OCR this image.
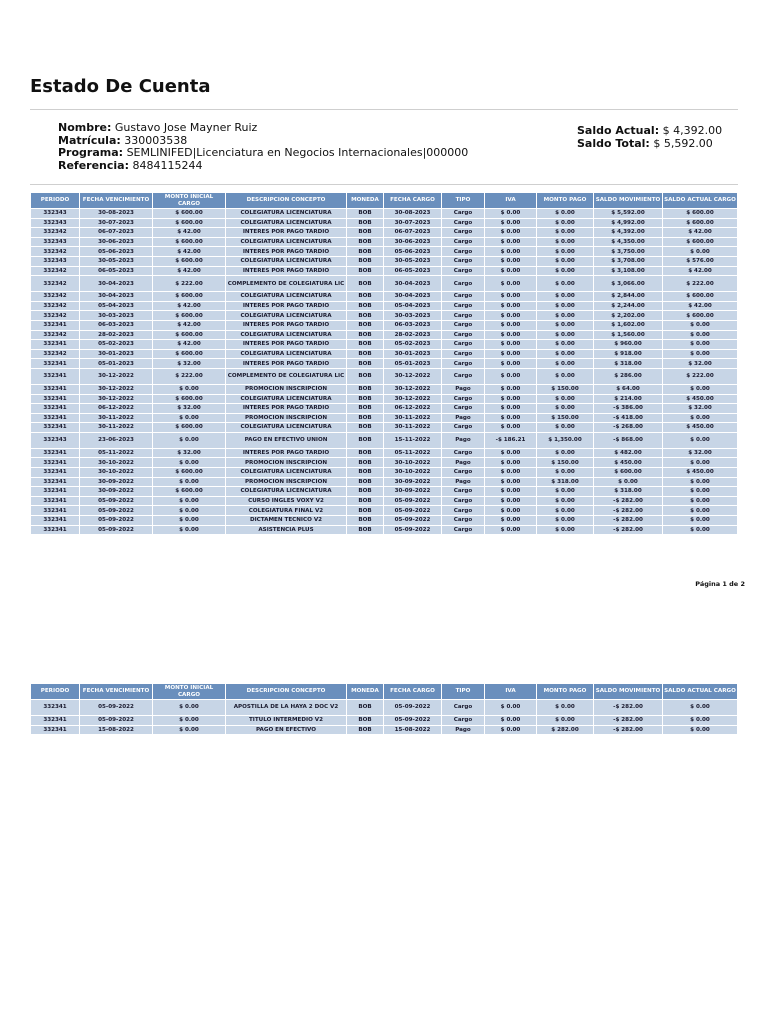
Estado De Cuenta
Nombre: Gustavo Jose Mayner Ruiz
Matrícula: 330003538
Programa: SEMLINIFED|Licenciatura en Negocios Internacionales|000000
Referencia: 8484115244
Saldo Actual: $ 4,392.00
Saldo Total: $ 5,592.00
PERIODO	FECHA VENCIMIENTO	MONTO INICIAL CARGO	DESCRIPCION CONCEPTO	MONEDA	FECHA CARGO	TIPO	IVA	MONTO PAGO	SALDO MOVIMIENTO	SALDO ACTUAL CARGO
332343	30-08-2023	$ 600.00	COLEGIATURA LICENCIATURA	BOB	30-08-2023	Cargo	$ 0.00	$ 0.00	$ 5,592.00	$ 600.00
332343	30-07-2023	$ 600.00	COLEGIATURA LICENCIATURA	BOB	30-07-2023	Cargo	$ 0.00	$ 0.00	$ 4,992.00	$ 600.00
332342	06-07-2023	$ 42.00	INTERES POR PAGO TARDIO	BOB	06-07-2023	Cargo	$ 0.00	$ 0.00	$ 4,392.00	$ 42.00
332343	30-06-2023	$ 600.00	COLEGIATURA LICENCIATURA	BOB	30-06-2023	Cargo	$ 0.00	$ 0.00	$ 4,350.00	$ 600.00
332342	05-06-2023	$ 42.00	INTERES POR PAGO TARDIO	BOB	05-06-2023	Cargo	$ 0.00	$ 0.00	$ 3,750.00	$ 0.00
332343	30-05-2023	$ 600.00	COLEGIATURA LICENCIATURA	BOB	30-05-2023	Cargo	$ 0.00	$ 0.00	$ 3,708.00	$ 576.00
332342	06-05-2023	$ 42.00	INTERES POR PAGO TARDIO	BOB	06-05-2023	Cargo	$ 0.00	$ 0.00	$ 3,108.00	$ 42.00
332342	30-04-2023	$ 222.00	COMPLEMENTO DE COLEGIATURA LIC	BOB	30-04-2023	Cargo	$ 0.00	$ 0.00	$ 3,066.00	$ 222.00
332342	30-04-2023	$ 600.00	COLEGIATURA LICENCIATURA	BOB	30-04-2023	Cargo	$ 0.00	$ 0.00	$ 2,844.00	$ 600.00
332342	05-04-2023	$ 42.00	INTERES POR PAGO TARDIO	BOB	05-04-2023	Cargo	$ 0.00	$ 0.00	$ 2,244.00	$ 42.00
332342	30-03-2023	$ 600.00	COLEGIATURA LICENCIATURA	BOB	30-03-2023	Cargo	$ 0.00	$ 0.00	$ 2,202.00	$ 600.00
332341	06-03-2023	$ 42.00	INTERES POR PAGO TARDIO	BOB	06-03-2023	Cargo	$ 0.00	$ 0.00	$ 1,602.00	$ 0.00
332342	28-02-2023	$ 600.00	COLEGIATURA LICENCIATURA	BOB	28-02-2023	Cargo	$ 0.00	$ 0.00	$ 1,560.00	$ 0.00
332341	05-02-2023	$ 42.00	INTERES POR PAGO TARDIO	BOB	05-02-2023	Cargo	$ 0.00	$ 0.00	$ 960.00	$ 0.00
332342	30-01-2023	$ 600.00	COLEGIATURA LICENCIATURA	BOB	30-01-2023	Cargo	$ 0.00	$ 0.00	$ 918.00	$ 0.00
332341	05-01-2023	$ 32.00	INTERES POR PAGO TARDIO	BOB	05-01-2023	Cargo	$ 0.00	$ 0.00	$ 318.00	$ 32.00
332341	30-12-2022	$ 222.00	COMPLEMENTO DE COLEGIATURA LIC	BOB	30-12-2022	Cargo	$ 0.00	$ 0.00	$ 286.00	$ 222.00
332341	30-12-2022	$ 0.00	PROMOCION INSCRIPCION	BOB	30-12-2022	Pago	$ 0.00	$ 150.00	$ 64.00	$ 0.00
332341	30-12-2022	$ 600.00	COLEGIATURA LICENCIATURA	BOB	30-12-2022	Cargo	$ 0.00	$ 0.00	$ 214.00	$ 450.00
332341	06-12-2022	$ 32.00	INTERES POR PAGO TARDIO	BOB	06-12-2022	Cargo	$ 0.00	$ 0.00	-$ 386.00	$ 32.00
332341	30-11-2022	$ 0.00	PROMOCION INSCRIPCION	BOB	30-11-2022	Pago	$ 0.00	$ 150.00	-$ 418.00	$ 0.00
332341	30-11-2022	$ 600.00	COLEGIATURA LICENCIATURA	BOB	30-11-2022	Cargo	$ 0.00	$ 0.00	-$ 268.00	$ 450.00
332343	23-06-2023	$ 0.00	PAGO EN EFECTIVO UNION	BOB	15-11-2022	Pago	-$ 186.21	$ 1,350.00	-$ 868.00	$ 0.00
332341	05-11-2022	$ 32.00	INTERES POR PAGO TARDIO	BOB	05-11-2022	Cargo	$ 0.00	$ 0.00	$ 482.00	$ 32.00
332341	30-10-2022	$ 0.00	PROMOCION INSCRIPCION	BOB	30-10-2022	Pago	$ 0.00	$ 150.00	$ 450.00	$ 0.00
332341	30-10-2022	$ 600.00	COLEGIATURA LICENCIATURA	BOB	30-10-2022	Cargo	$ 0.00	$ 0.00	$ 600.00	$ 450.00
332341	30-09-2022	$ 0.00	PROMOCION INSCRIPCION	BOB	30-09-2022	Pago	$ 0.00	$ 318.00	$ 0.00	$ 0.00
332341	30-09-2022	$ 600.00	COLEGIATURA LICENCIATURA	BOB	30-09-2022	Cargo	$ 0.00	$ 0.00	$ 318.00	$ 0.00
332341	05-09-2022	$ 0.00	CURSO INGLES VOXY V2	BOB	05-09-2022	Cargo	$ 0.00	$ 0.00	-$ 282.00	$ 0.00
332341	05-09-2022	$ 0.00	COLEGIATURA FINAL V2	BOB	05-09-2022	Cargo	$ 0.00	$ 0.00	-$ 282.00	$ 0.00
332341	05-09-2022	$ 0.00	DICTAMEN TECNICO V2	BOB	05-09-2022	Cargo	$ 0.00	$ 0.00	-$ 282.00	$ 0.00
332341	05-09-2022	$ 0.00	ASISTENCIA PLUS	BOB	05-09-2022	Cargo	$ 0.00	$ 0.00	-$ 282.00	$ 0.00
Página 1 de 2
PERIODO	FECHA VENCIMIENTO	MONTO INICIAL CARGO	DESCRIPCION CONCEPTO	MONEDA	FECHA CARGO	TIPO	IVA	MONTO PAGO	SALDO MOVIMIENTO	SALDO ACTUAL CARGO
332341	05-09-2022	$ 0.00	APOSTILLA DE LA HAYA 2 DOC V2	BOB	05-09-2022	Cargo	$ 0.00	$ 0.00	-$ 282.00	$ 0.00
332341	05-09-2022	$ 0.00	TITULO INTERMEDIO V2	BOB	05-09-2022	Cargo	$ 0.00	$ 0.00	-$ 282.00	$ 0.00
332341	15-08-2022	$ 0.00	PAGO EN EFECTIVO	BOB	15-08-2022	Pago	$ 0.00	$ 282.00	-$ 282.00	$ 0.00
